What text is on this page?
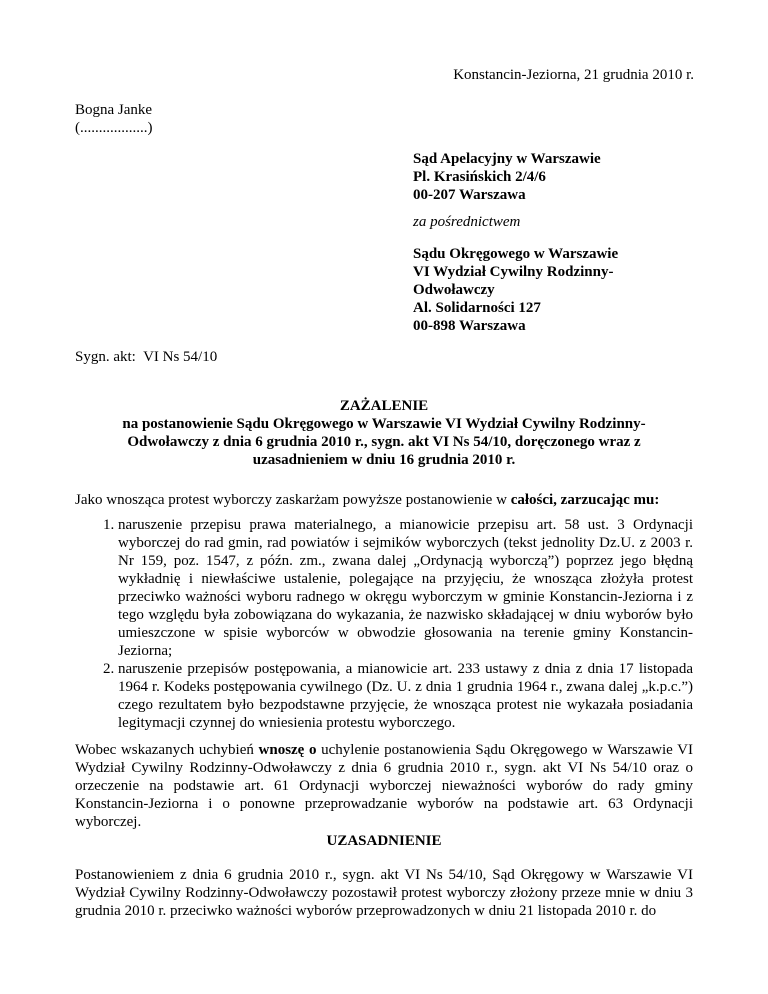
Konstancin-Jeziorna, 21 grudnia 2010 r.
Bogna Janke
(..................)
Sąd Apelacyjny w Warszawie
Pl. Krasińskich 2/4/6
00-207 Warszawa
za pośrednictwem
Sądu Okręgowego w Warszawie
VI Wydział Cywilny Rodzinny-
Odwoławczy
Al. Solidarności 127
00-898 Warszawa
Sygn. akt:  VI Ns 54/10
ZAŻALENIE
na postanowienie Sądu Okręgowego w Warszawie VI Wydział Cywilny Rodzinny-
Odwoławczy z dnia 6 grudnia 2010 r., sygn. akt VI Ns 54/10, doręczonego wraz z
uzasadnieniem w dniu 16 grudnia 2010 r.
Jako wnosząca protest wyborczy zaskarżam powyższe postanowienie w całości, zarzucając mu:
1. naruszenie przepisu prawa materialnego, a mianowicie przepisu art. 58 ust. 3 Ordynacji wyborczej do rad gmin, rad powiatów i sejmików wyborczych (tekst jednolity Dz.U. z 2003 r. Nr 159, poz. 1547, z późn. zm., zwana dalej „Ordynacją wyborczą”) poprzez jego błędną wykładnię i niewłaściwe ustalenie, polegające na przyjęciu, że wnosząca złożyła protest przeciwko ważności wyboru radnego w okręgu wyborczym w gminie Konstancin-Jeziorna i z tego względu była zobowiązana do wykazania, że nazwisko składającej w dniu wyborów było umieszczone w spisie wyborców w obwodzie głosowania na terenie gminy Konstancin-Jeziorna;
2. naruszenie przepisów postępowania, a mianowicie art. 233 ustawy z dnia z dnia 17 listopada 1964 r. Kodeks postępowania cywilnego (Dz. U. z dnia 1 grudnia 1964 r., zwana dalej „k.p.c.”) czego rezultatem było bezpodstawne przyjęcie, że wnosząca protest nie wykazała posiadania legitymacji czynnej do wniesienia protestu wyborczego.
Wobec wskazanych uchybień wnoszę o uchylenie postanowienia Sądu Okręgowego w Warszawie VI Wydział Cywilny Rodzinny-Odwoławczy z dnia 6 grudnia 2010 r., sygn. akt VI Ns 54/10 oraz o orzeczenie na podstawie art. 61 Ordynacji wyborczej nieważności wyborów do rady gminy Konstancin-Jeziorna i o ponowne przeprowadzanie wyborów na podstawie art. 63 Ordynacji wyborczej.
UZASADNIENIE
Postanowieniem z dnia 6 grudnia 2010 r., sygn. akt VI Ns 54/10, Sąd Okręgowy w Warszawie VI Wydział Cywilny Rodzinny-Odwoławczy pozostawił protest wyborczy złożony przeze mnie w dniu 3 grudnia 2010 r. przeciwko ważności wyborów przeprowadzonych w dniu 21 listopada 2010 r. do
